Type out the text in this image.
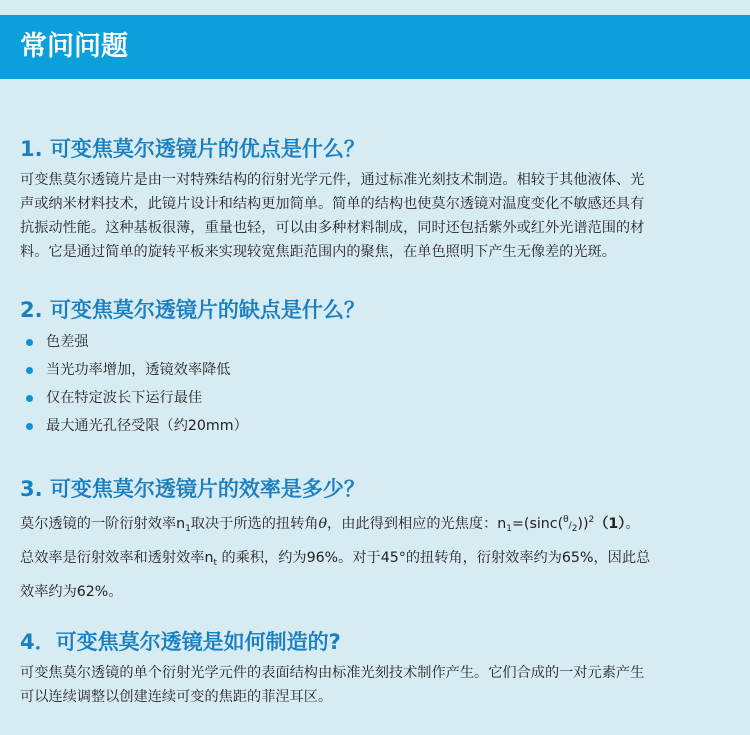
常问问题
1. 可变焦莫尔透镜片的优点是什么？
可变焦莫尔透镜片是由一对特殊结构的衍射光学元件，通过标准光刻技术制造。相较于其他液体、光
声或纳米材料技术，此镜片设计和结构更加简单。简单的结构也使莫尔透镜对温度变化不敏感还具有
抗振动性能。这种基板很薄，重量也轻，可以由多种材料制成，同时还包括紫外或红外光谱范围的材
料。它是通过简单的旋转平板来实现较宽焦距范围内的聚焦，在单色照明下产生无像差的光斑。
2. 可变焦莫尔透镜片的缺点是什么？
色差强
当光功率增加，透镜效率降低
仅在特定波长下运行最佳
最大通光孔径受限（约20mm）
3. 可变焦莫尔透镜片的效率是多少？
莫尔透镜的一阶衍射效率$n_1$取决于所选的扭转角θ，由此得到相应的光焦度：$n_1=(\sin c(\theta/2))^2(1)$。
总效率是衍射效率和透射效率$n_t$ 的乘积，约为96%。对于45°的扭转角，衍射效率约为65%，因此总
效率约为62%。
4．可变焦莫尔透镜是如何制造的?
可变焦莫尔透镜的单个衍射光学元件的表面结构由标准光刻技术制作产生。它们合成的一对元素产生
可以连续调整以创建连续可变的焦距的菲涅耳区。
